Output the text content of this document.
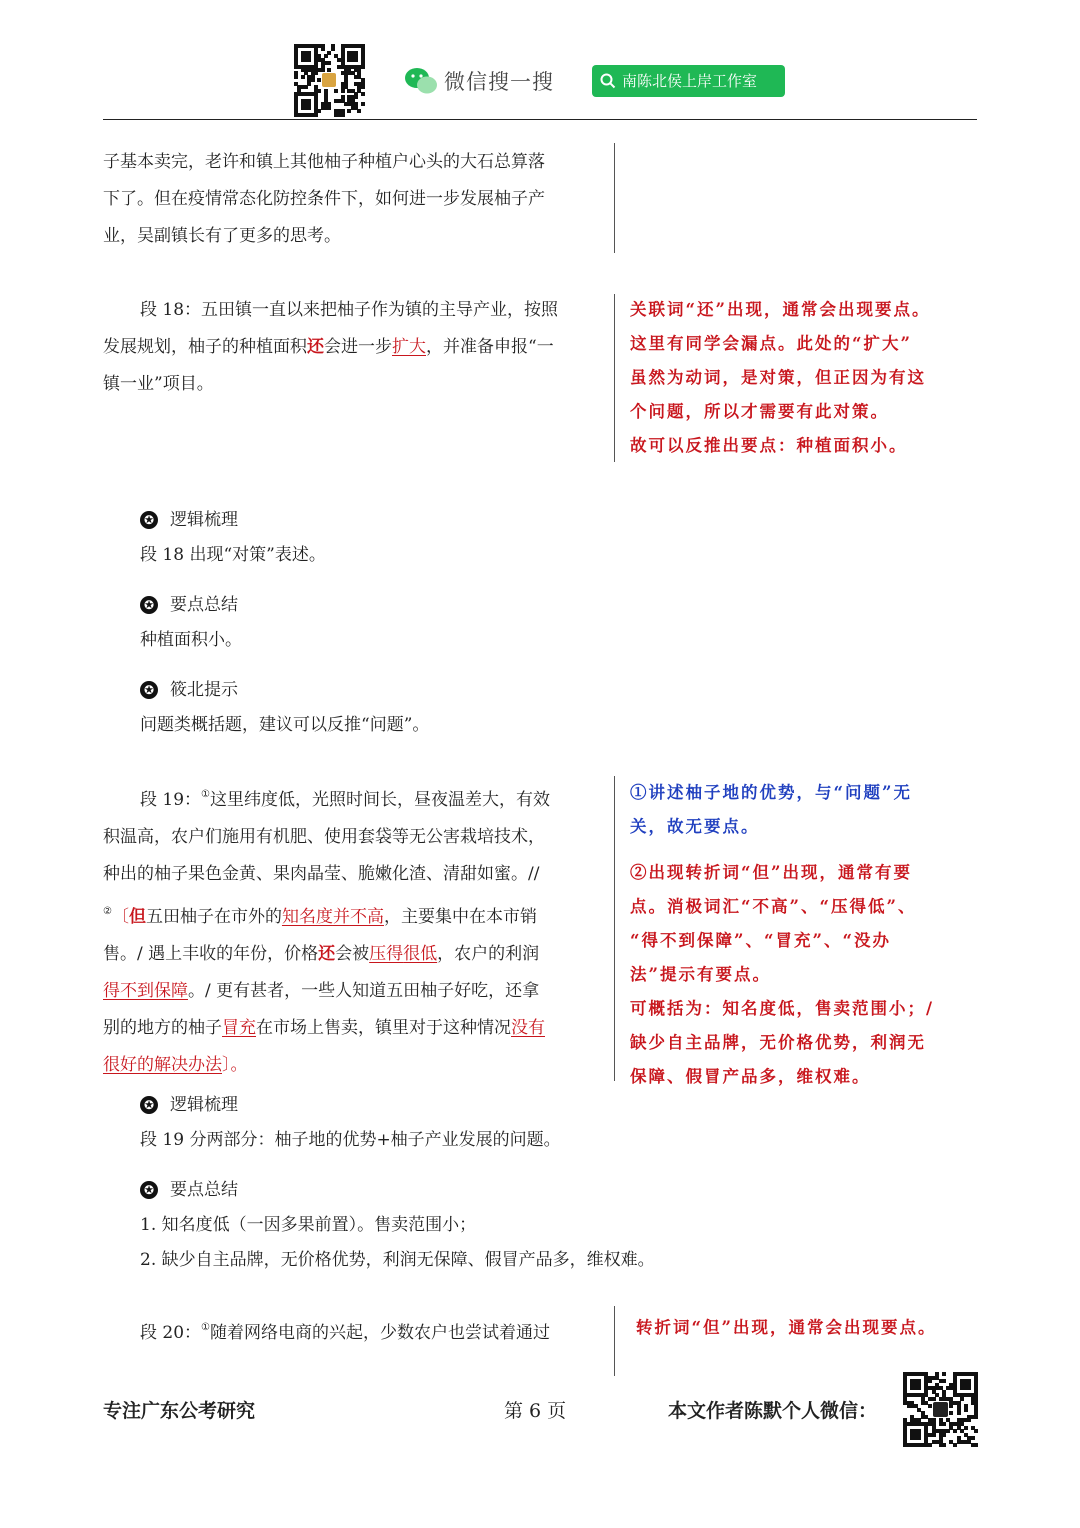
微信搜一搜	南陈北侯上岸工作室
子基本卖完，老许和镇上其他柚子种植户心头的大石总算落
下了。但在疫情常态化防控条件下，如何进一步发展柚子产
业，吴副镇长有了更多的思考。
段 18：五田镇一直以来把柚子作为镇的主导产业，按照
发展规划，柚子的种植面积还会进一步扩大，并准备申报“一
镇一业”项目。
关联词“还”出现，通常会出现要点。
这里有同学会漏点。此处的“扩大”
虽然为动词，是对策，但正因为有这
个问题，所以才需要有此对策。
故可以反推出要点：种植面积小。
✪ 逻辑梳理
段 18 出现“对策”表述。
✪ 要点总结
种植面积小。
✪ 筱北提示
问题类概括题，建议可以反推“问题”。
段 19：①这里纬度低，光照时间长，昼夜温差大，有效
积温高，农户们施用有机肥、使用套袋等无公害栽培技术，
种出的柚子果色金黄、果肉晶莹、脆嫩化渣、清甜如蜜。//
②〔但五田柚子在市外的知名度并不高，主要集中在本市销
售。/ 遇上丰收的年份，价格还会被压得很低，农户的利润
得不到保障。/ 更有甚者，一些人知道五田柚子好吃，还拿
别的地方的柚子冒充在市场上售卖，镇里对于这种情况没有
很好的解决办法〕。
①讲述柚子地的优势，与“问题”无
关，故无要点。
②出现转折词“但”出现，通常有要
点。消极词汇“不高”、“压得低”、
“得不到保障”、“冒充”、“没办
法”提示有要点。
可概括为：知名度低，售卖范围小；/
缺少自主品牌，无价格优势，利润无
保障、假冒产品多，维权难。
✪ 逻辑梳理
段 19 分两部分：柚子地的优势+柚子产业发展的问题。
✪ 要点总结
1. 知名度低（一因多果前置）。售卖范围小；
2. 缺少自主品牌，无价格优势，利润无保障、假冒产品多，维权难。
段 20：①随着网络电商的兴起，少数农户也尝试着通过	转折词“但”出现，通常会出现要点。
专注广东公考研究	第 6 页	本文作者陈默个人微信：
